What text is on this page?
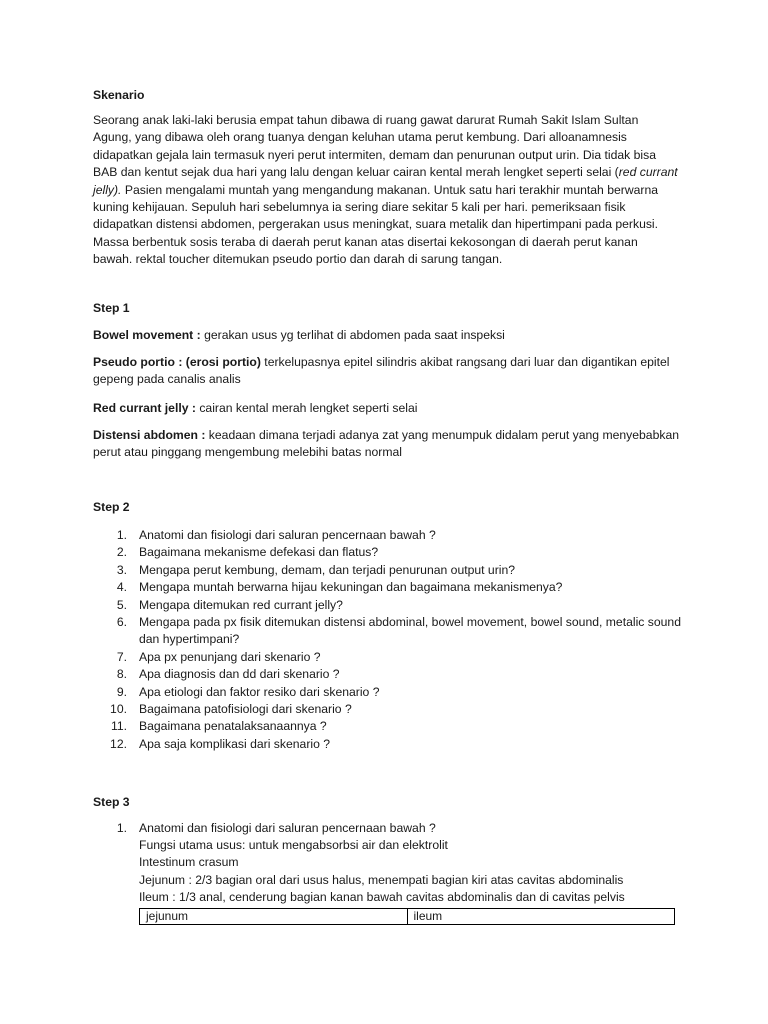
Skenario
Seorang anak laki-laki berusia empat tahun dibawa di ruang gawat darurat Rumah Sakit Islam Sultan Agung, yang dibawa oleh orang tuanya dengan keluhan utama perut kembung. Dari alloanamnesis didapatkan gejala lain termasuk nyeri perut intermiten, demam dan penurunan output urin. Dia tidak bisa BAB dan kentut sejak dua hari yang lalu dengan keluar cairan kental merah lengket seperti selai (red currant jelly). Pasien mengalami muntah yang mengandung makanan. Untuk satu hari terakhir muntah berwarna kuning kehijauan. Sepuluh hari sebelumnya ia sering diare sekitar 5 kali per hari. pemeriksaan fisik didapatkan distensi abdomen, pergerakan usus meningkat, suara metalik dan hipertimpani pada perkusi. Massa berbentuk sosis teraba di daerah perut kanan atas disertai kekosongan di daerah perut kanan bawah. rektal toucher ditemukan pseudo portio dan darah di sarung tangan.
Step 1
Bowel movement : gerakan usus yg terlihat di abdomen pada saat inspeksi
Pseudo portio : (erosi portio) terkelupasnya epitel silindris akibat rangsang dari luar dan digantikan epitel gepeng pada canalis analis
Red currant jelly : cairan kental merah lengket seperti selai
Distensi abdomen : keadaan dimana terjadi adanya zat yang menumpuk didalam perut yang menyebabkan perut atau pinggang mengembung melebihi batas normal
Step 2
1. Anatomi dan fisiologi dari saluran pencernaan bawah ?
2. Bagaimana mekanisme defekasi dan flatus?
3. Mengapa perut kembung, demam, dan terjadi penurunan output urin?
4. Mengapa muntah berwarna hijau kekuningan dan bagaimana mekanismenya?
5. Mengapa ditemukan red currant jelly?
6. Mengapa pada px fisik ditemukan distensi abdominal, bowel movement, bowel sound, metalic sound dan hypertimpani?
7. Apa px penunjang dari skenario ?
8. Apa diagnosis dan dd dari skenario ?
9. Apa etiologi dan faktor resiko dari skenario ?
10. Bagaimana patofisiologi dari skenario ?
11. Bagaimana penatalaksanaannya ?
12. Apa saja komplikasi dari skenario ?
Step 3
1. Anatomi dan fisiologi dari saluran pencernaan bawah ?
Fungsi utama usus: untuk mengabsorbsi air dan elektrolit
Intestinum crasum
Jejunum : 2/3 bagian oral dari usus halus, menempati bagian kiri atas cavitas abdominalis
Ileum : 1/3 anal, cenderung bagian kanan bawah cavitas abdominalis dan di cavitas pelvis
jejunum	ileum
